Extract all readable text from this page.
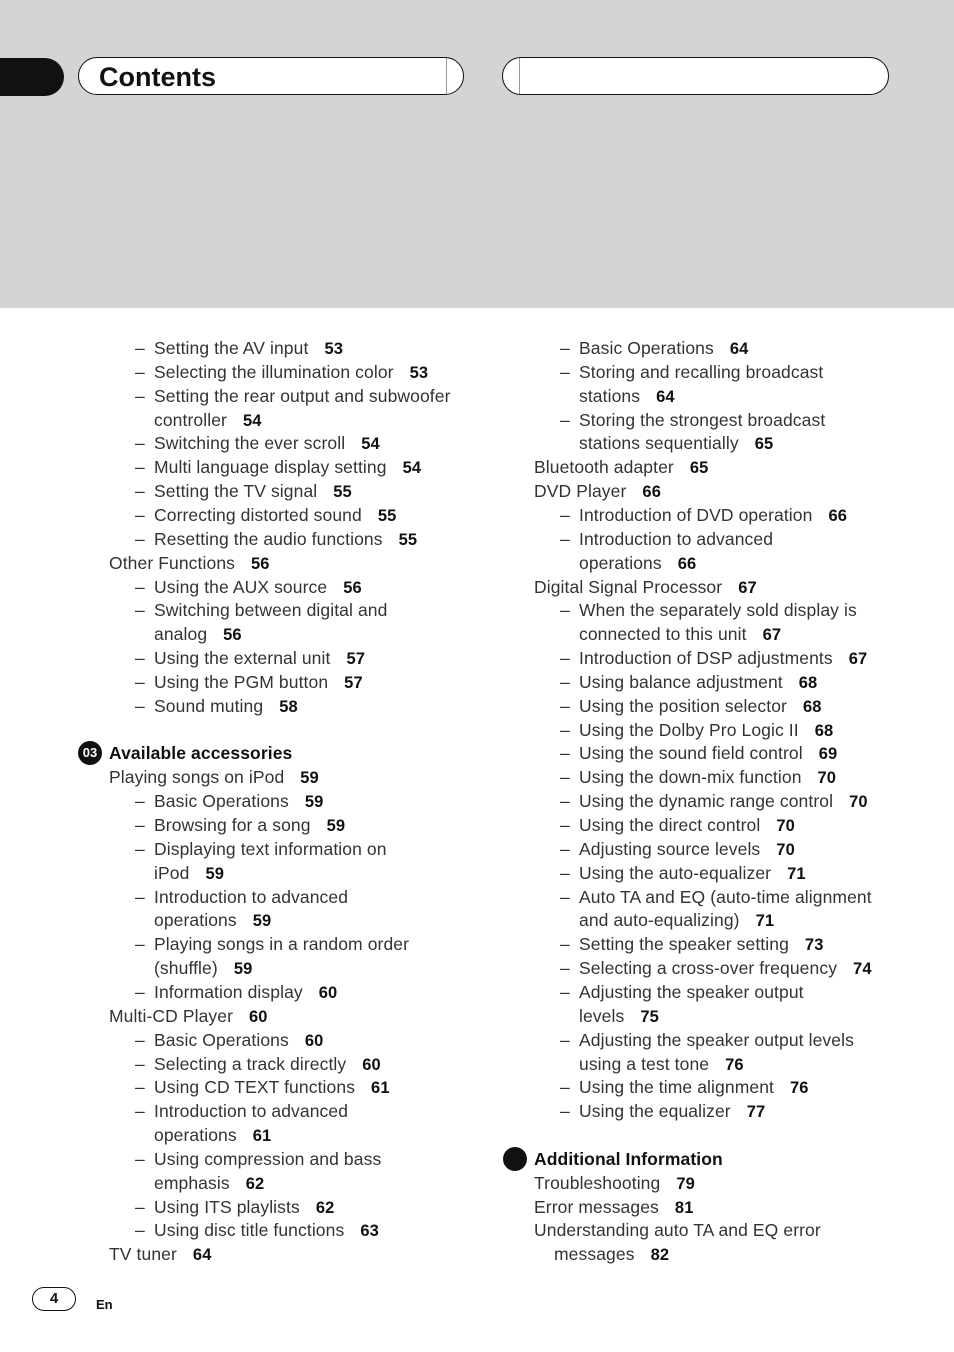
Contents
– Setting the AV input 53
– Selecting the illumination color 53
– Setting the rear output and subwoofer
controller 54
– Switching the ever scroll 54
– Multi language display setting 54
– Setting the TV signal 55
– Correcting distorted sound 55
– Resetting the audio functions 55
Other Functions 56
– Using the AUX source 56
– Switching between digital and
analog 56
– Using the external unit 57
– Using the PGM button 57
– Sound muting 58
03 Available accessories
Playing songs on iPod 59
– Basic Operations 59
– Browsing for a song 59
– Displaying text information on
iPod 59
– Introduction to advanced
operations 59
– Playing songs in a random order
(shuffle) 59
– Information display 60
Multi-CD Player 60
– Basic Operations 60
– Selecting a track directly 60
– Using CD TEXT functions 61
– Introduction to advanced
operations 61
– Using compression and bass
emphasis 62
– Using ITS playlists 62
– Using disc title functions 63
TV tuner 64
– Basic Operations 64
– Storing and recalling broadcast
stations 64
– Storing the strongest broadcast
stations sequentially 65
Bluetooth adapter 65
DVD Player 66
– Introduction of DVD operation 66
– Introduction to advanced
operations 66
Digital Signal Processor 67
– When the separately sold display is
connected to this unit 67
– Introduction of DSP adjustments 67
– Using balance adjustment 68
– Using the position selector 68
– Using the Dolby Pro Logic II 68
– Using the sound field control 69
– Using the down-mix function 70
– Using the dynamic range control 70
– Using the direct control 70
– Adjusting source levels 70
– Using the auto-equalizer 71
– Auto TA and EQ (auto-time alignment
and auto-equalizing) 71
– Setting the speaker setting 73
– Selecting a cross-over frequency 74
– Adjusting the speaker output
levels 75
– Adjusting the speaker output levels
using a test tone 76
– Using the time alignment 76
– Using the equalizer 77
Additional Information
Troubleshooting 79
Error messages 81
Understanding auto TA and EQ error
messages 82
4	En
